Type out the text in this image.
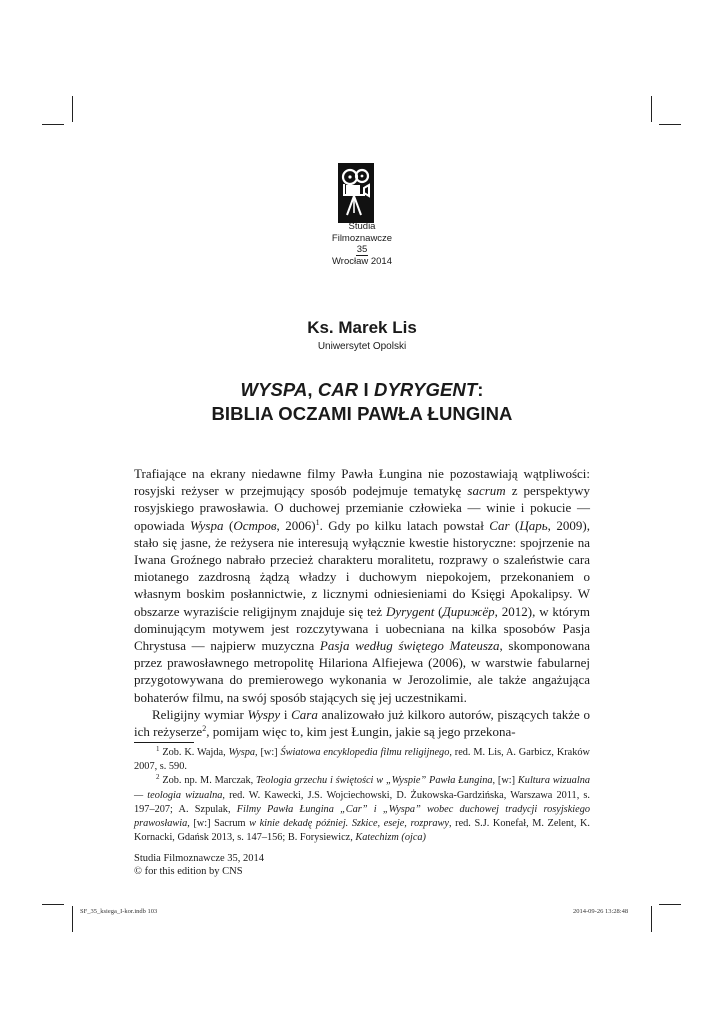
Studia
Filmoznawcze
35
Wrocław 2014
Ks. Marek Lis
Uniwersytet Opolski
WYSPA, CAR I DYRYGENT:
BIBLIA OCZAMI PAWŁA ŁUNGINA

Trafiające na ekrany niedawne filmy Pawła Łungina nie pozostawiają wątpliwości: rosyjski reżyser w przejmujący sposób podejmuje tematykę sacrum z perspektywy rosyjskiego prawosławia. O duchowej przemianie człowieka — winie i pokucie — opowiada Wyspa (Остров, 2006)$^1$. Gdy po kilku latach powstał Car (Царь, 2009), stało się jasne, że reżysera nie interesują wyłącznie kwestie historyczne: spojrzenie na Iwana Groźnego nabrało przecież charakteru moralitetu, rozprawy o szaleństwie cara miotanego zazdrosną żądzą władzy i duchowym niepokojem, przekonaniem o własnym boskim posłannictwie, z licznymi odniesieniami do Księgi Apokalipsy. W obszarze wyraziście religijnym znajduje się też Dyrygent (Дирижёр, 2012), w którym dominującym motywem jest rozczytywana i uobecniana na kilka sposobów Pasja Chrystusa — najpierw muzyczna Pasja według świętego Mateusza, skomponowana przez prawosławnego metropolitę Hilariona Alfiejewa (2006), w warstwie fabularnej przygotowywana do premierowego wykonania w Jerozolimie, ale także angażująca bohaterów filmu, na swój sposób stających się jej uczestnikami.

Religijny wymiar Wyspy i Cara analizowało już kilkoro autorów, piszących także o ich reżyserze$^2$, pomijam więc to, kim jest Łungin, jakie są jego przekona-

$^1$ Zob. K. Wajda, Wyspa, [w:] Światowa encyklopedia filmu religijnego, red. M. Lis, A. Garbicz, Kraków 2007, s. 590.

$^2$ Zob. np. M. Marczak, Teologia grzechu i świętości w „Wyspie” Pawła Łungina, [w:] Kultura wizualna — teologia wizualna, red. W. Kawecki, J.S. Wojciechowski, D. Żukowska-Gardzińska, Warszawa 2011, s. 197–207; A. Szpulak, Filmy Pawła Łungina „Car” i „Wyspa” wobec duchowej tradycji rosyjskiego prawosławia, [w:] Sacrum w kinie dekadę później. Szkice, eseje, rozprawy, red. S.J. Konefał, M. Zelent, K. Kornacki, Gdańsk 2013, s. 147–156; B. Forysiewicz, Katechizm (ojca)

Studia Filmoznawcze 35, 2014
© for this edition by CNS
SF_35_ksiega_I-kor.indb 103	2014-09-26 13:28:48
